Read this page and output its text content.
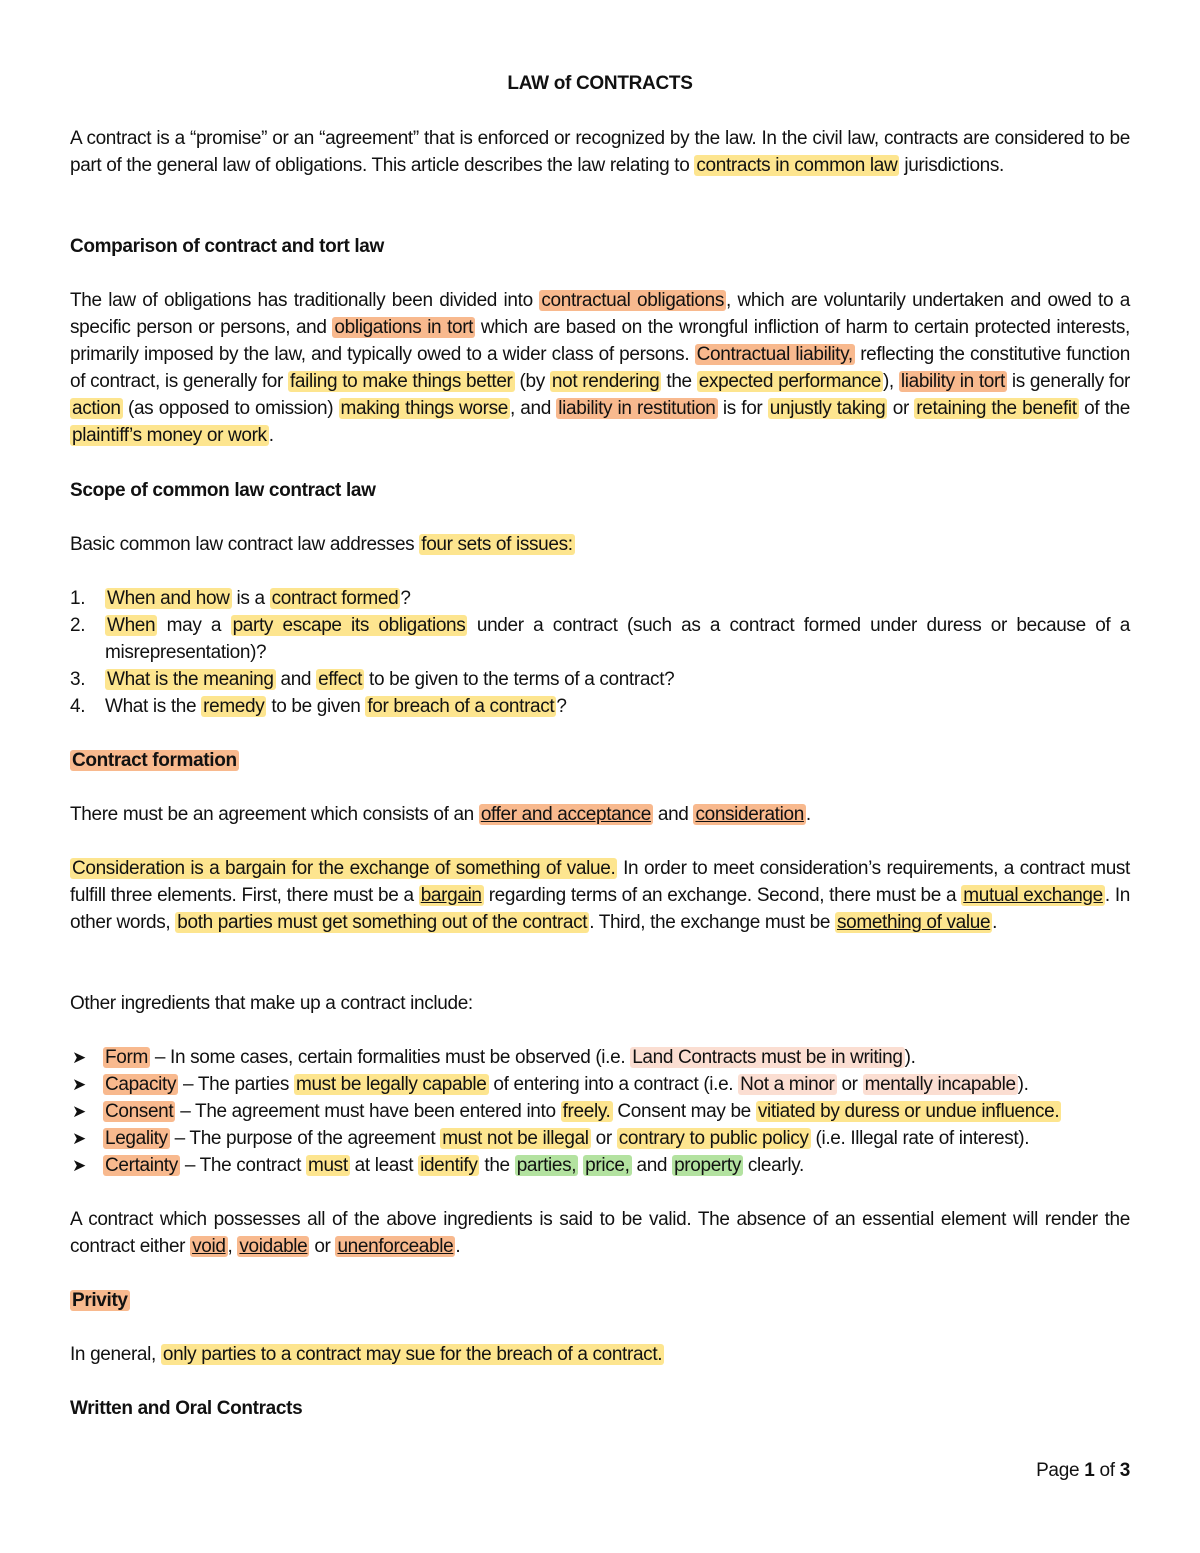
LAW of CONTRACTS
A contract is a “promise” or an “agreement” that is enforced or recognized by the law. In the civil law, contracts are considered to be part of the general law of obligations. This article describes the law relating to contracts in common law jurisdictions.
Comparison of contract and tort law
The law of obligations has traditionally been divided into contractual obligations , which are voluntarily undertaken and owed to a specific person or persons, and obligations in tort which are based on the wrongful infliction of harm to certain protected interests, primarily imposed by the law, and typically owed to a wider class of persons. Contractual liability, reflecting the constitutive function of contract, is generally for failing to make things better (by not rendering the expected performance ), liability in tort is generally for action (as opposed to omission) making things worse , and liability in restitution is for unjustly taking or retaining the benefit of the plaintiff’s money or work .
Scope of common law contract law
Basic common law contract law addresses four sets of issues:
1. When and how is a contract formed ?
2. When may a party escape its obligations under a contract (such as a contract formed under duress or because of a misrepresentation)?
3. What is the meaning and effect to be given to the terms of a contract?
4. What is the remedy to be given for breach of a contract ?
Contract formation
There must be an agreement which consists of an offer and acceptance and consideration .
Consideration is a bargain for the exchange of something of value. In order to meet consideration’s requirements, a contract must fulfill three elements. First, there must be a bargain regarding terms of an exchange. Second, there must be a mutual exchange . In other words, both parties must get something out of the contract . Third, the exchange must be something of value .
Other ingredients that make up a contract include:
➤ Form – In some cases, certain formalities must be observed (i.e. Land Contracts must be in writing ).
➤ Capacity – The parties must be legally capable of entering into a contract (i.e. Not a minor or mentally incapable ).
➤ Consent – The agreement must have been entered into freely. Consent may be vitiated by duress or undue influence.
➤ Legality – The purpose of the agreement must not be illegal or contrary to public policy (i.e. Illegal rate of interest).
➤ Certainty – The contract must at least identify the parties, price, and property clearly.
A contract which possesses all of the above ingredients is said to be valid. The absence of an essential element will render the contract either void , voidable or unenforceable .
Privity
In general, only parties to a contract may sue for the breach of a contract.
Written and Oral Contracts
Page 1 of 3
